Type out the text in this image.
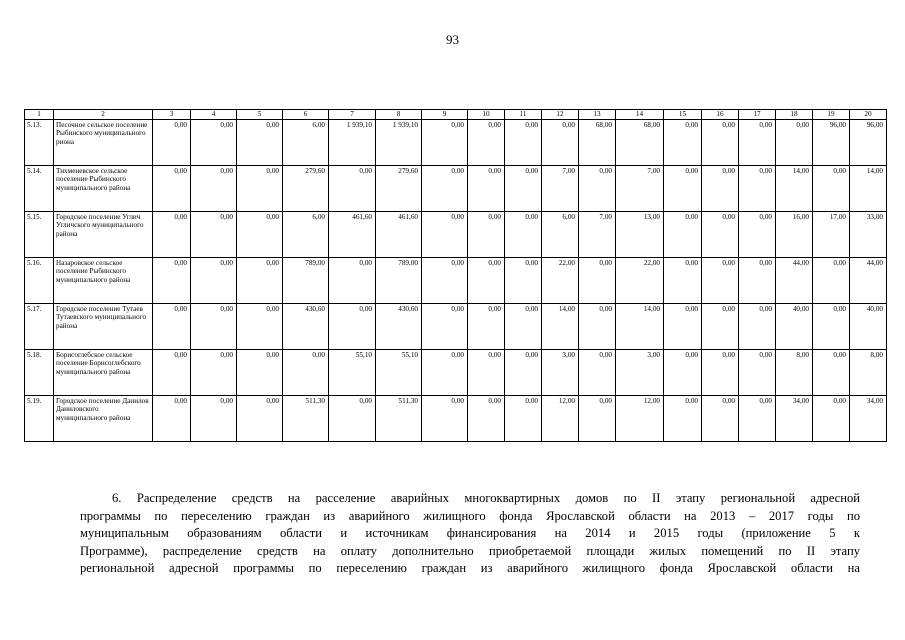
93
1	2	3	4	5	6	7	8	9	10	11	12	13	14	15	16	17	18	19	20
5.13.	Песочное сельское поселение Рыбинского муниципального риона	0,00	0,00	0,00	6,00	1 939,10	1 939,10	0,00	0,00	0,00	0,00	68,00	68,00	0,00	0,00	0,00	0,00	96,00	96,00
5.14.	Тихменевское сельское поселение Рыбинского муниципального района	0,00	0,00	0,00	279,60	0,00	279,60	0,00	0,00	0,00	7,00	0,00	7,00	0,00	0,00	0,00	14,00	0,00	14,00
5.15.	Городское поселение Углич Угличского муниципального района	0,00	0,00	0,00	6,00	461,60	461,60	0,00	0,00	0,00	6,00	7,00	13,00	0,00	0,00	0,00	16,00	17,00	33,00
5.16.	Назаровское сельское поселение Рыбинского муниципального района	0,00	0,00	0,00	789,00	0,00	789,00	0,00	0,00	0,00	22,00	0,00	22,00	0,00	0,00	0,00	44,00	0,00	44,00
5.17.	Городское поселение Тутаев Тутаевского муниципального района	0,00	0,00	0,00	430,60	0,00	430,60	0,00	0,00	0,00	14,00	0,00	14,00	0,00	0,00	0,00	40,00	0,00	40,00
5.18.	Борисоглебское сельское поселение Борисоглебского муниципального района	0,00	0,00	0,00	0,00	55,10	55,10	0,00	0,00	0,00	3,00	0,00	3,00	0,00	0,00	0,00	8,00	0,00	8,00
5.19.	Городское поселение Данилов Даниловского муниципального района	0,00	0,00	0,00	511,30	0,00	511,30	0,00	0,00	0,00	12,00	0,00	12,00	0,00	0,00	0,00	34,00	0,00	34,00
6. Распределение средств на расселение аварийных многоквартирных домов по II этапу региональной адресной
программы по переселению граждан из аварийного жилищного фонда Ярославской области на 2013 – 2017 годы по
муниципальным образованиям области и источникам финансирования на 2014 и 2015 годы (приложение 5 к
Программе), распределение средств на оплату дополнительно приобретаемой площади жилых помещений по II этапу
региональной адресной программы по переселению граждан из аварийного жилищного фонда Ярославской области на
